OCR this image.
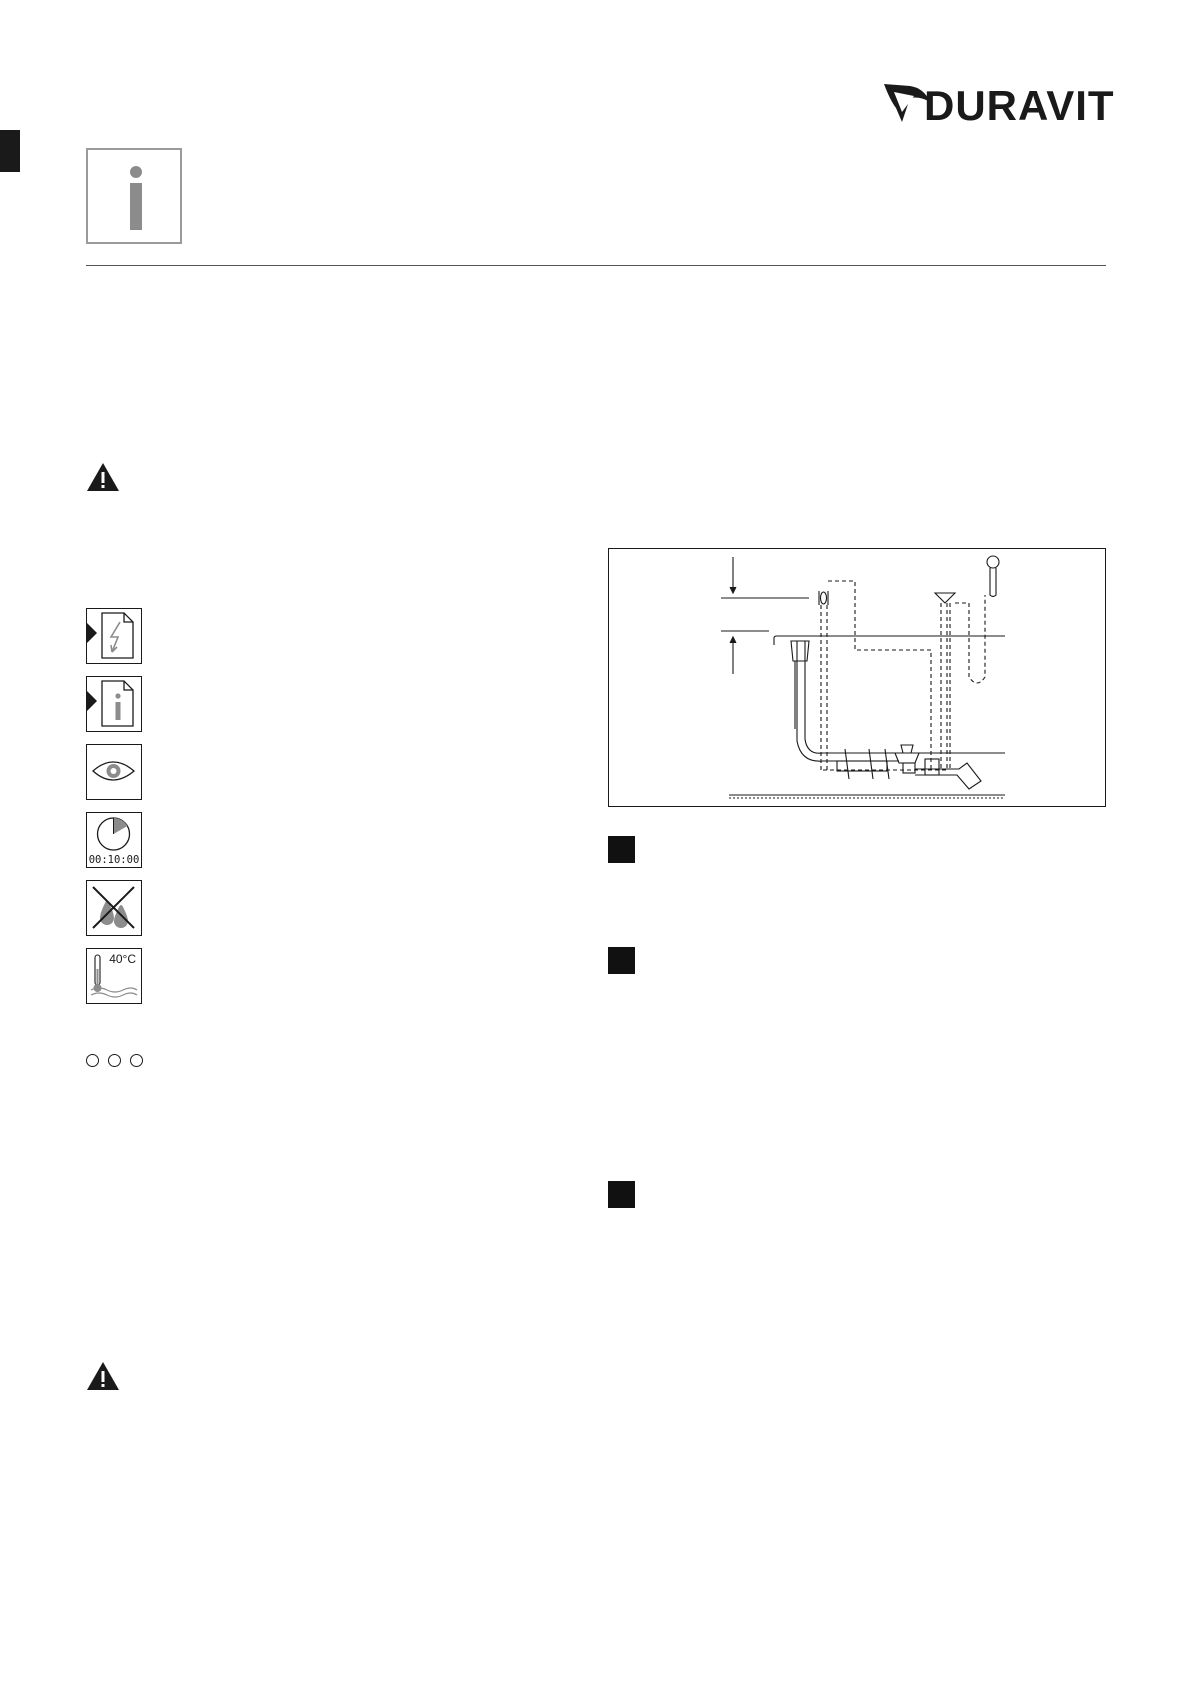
DURAVIT
00:10:00
40°C
